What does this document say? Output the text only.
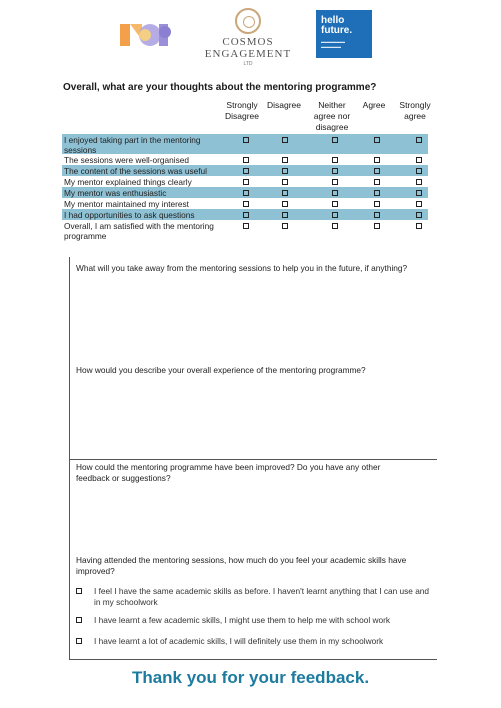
COSMOS
ENGAGEMENT
LTD
hello future.
▬▬▬▬▬▬
▬▬▬▬▬
Overall, what are your thoughts about the mentoring programme?
Strongly Disagree
Disagree	Neither agree nor disagree
Agree	Strongly agree
I enjoyed taking part in the mentoring sessions
The sessions were well-organised
The content of the sessions was useful
My mentor explained things clearly
My mentor was enthusiastic
My mentor maintained my interest
I had opportunities to ask questions
Overall, I am satisfied with the mentoring programme
What will you take away from the mentoring sessions to help you in the future, if anything?
How would you describe your overall experience of the mentoring programme?
How could the mentoring programme have been improved? Do you have any other feedback or suggestions?
Having attended the mentoring sessions, how much do you feel your academic skills have improved?
I feel I have the same academic skills as before. I haven't learnt anything that I can use and in my schoolwork
I have learnt a few academic skills, I might use them to help me with school work
I have learnt a lot of academic skills, I will definitely use them in my schoolwork
Thank you for your feedback.
